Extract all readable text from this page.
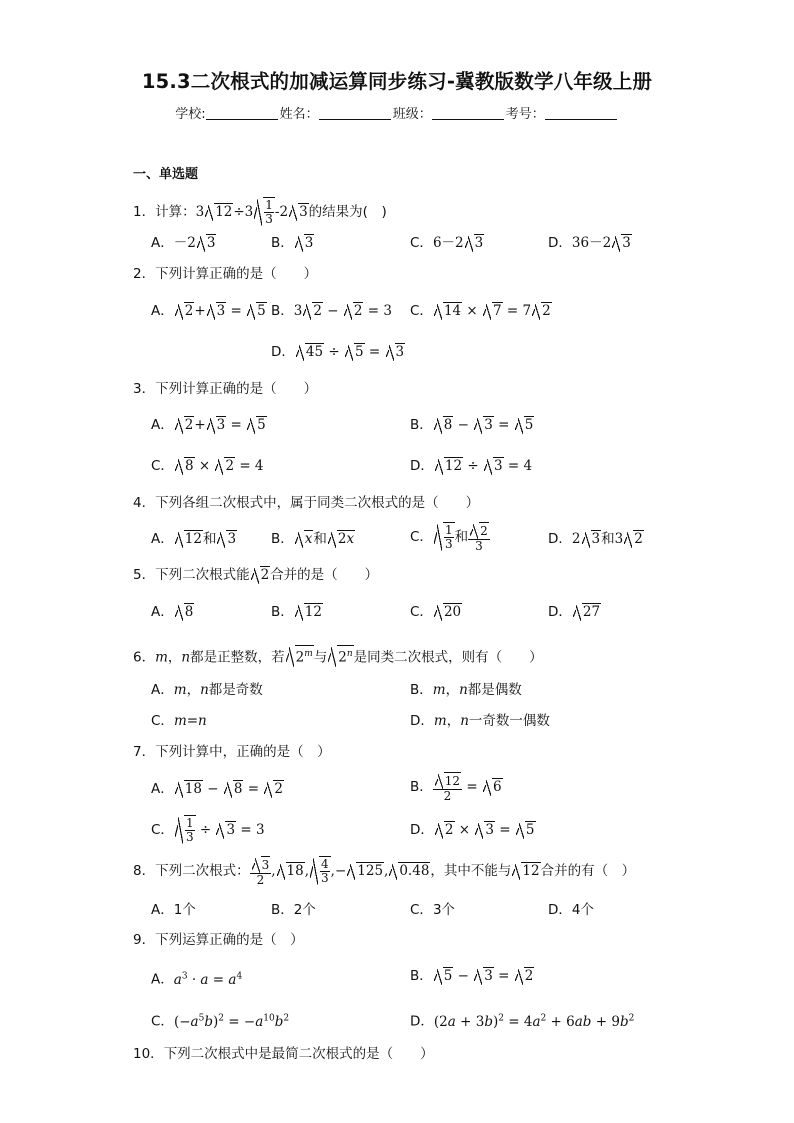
15.3二次根式的加减运算同步练习-冀教版数学八年级上册
学校:	姓名：	班级：	考号：
一、单选题
1．计算：3 $12\div 3 \frac{1}{3} -2$ 3的结果为(　)
A．－2 3	B． 3	C．6－2 3	D．36－2 3
2．下列计算正确的是（　　）
A． 2+ 3 = 5 B．3 2 − 2 = 3 C． 14 × 7 = 7 2
D． 45 ÷ 5 = 3
3．下列计算正确的是（　　）
A． 2+ 3 = 5	B． 8 − 3 = 5
C． 8 × 2 = 4	D． 12 ÷ 3 = 4
4．下列各组二次根式中，属于同类二次根式的是（　　）
A． 12和 3	B． x和 2x	C． $\frac{1}{3}$ 和 $\frac{2}{3}$	D．2 3和3 2
5．下列二次根式能 2合并的是（　　）
A． 8	B． 12	C． 20	D． 27
6．m，n都是正整数，若 2$^m$与 2$^n$是同类二次根式，则有（　　）
A．m，n都是奇数	B．m，n都是偶数
C．m=n	D．m，n一奇数一偶数
7．下列计算中，正确的是（　）
A． 18 − 8 = 2	B． $\frac{12}{2} = 6$
C． $\frac{1}{3} \div 3 = 3$	D． 2 × 3 = 5
8．下列二次根式： $\frac{3}{2}$ , 18, $\frac{4}{3}$ ,− 125, 0.48，其中不能与 12合并的有（　）
A．1个	B．2个	C．3个	D．4个
9．下列运算正确的是（　）
A．$a^3 \cdot a = a^4$	B． 5 − 3 = 2
C．$(-a^5b)^2 = -a^{10}b^2$	D．$(2a + 3b)^2 = 4a^2 + 6ab + 9b^2$
10．下列二次根式中是最简二次根式的是（　　）
